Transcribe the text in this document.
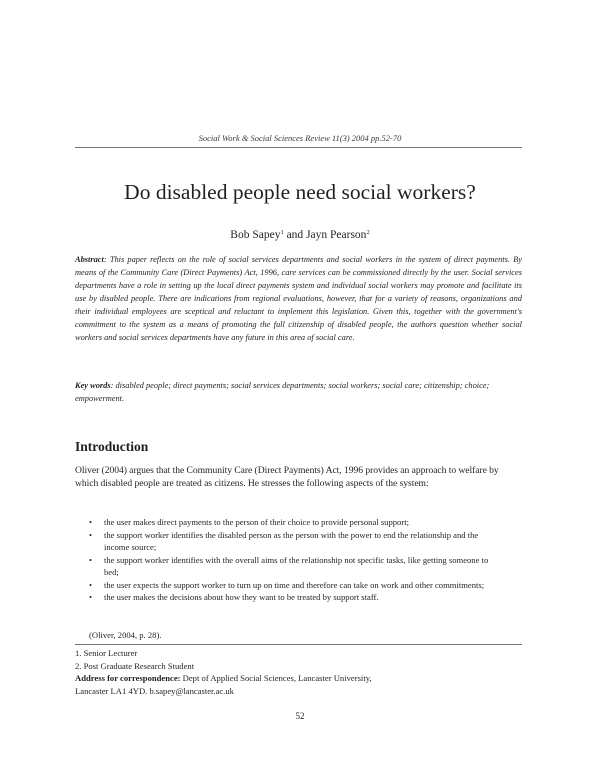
Social Work & Social Sciences Review 11(3) 2004 pp.52-70
Do disabled people need social workers?
Bob Sapey$^1$ and Jayn Pearson$^2$

Abstract: This paper reflects on the role of social services departments and social workers in the system of direct payments. By means of the Community Care (Direct Payments) Act, 1996, care services can be commissioned directly by the user. Social services departments have a role in setting up the local direct payments system and individual social workers may promote and facilitate its use by disabled people. There are indications from regional evaluations, however, that for a variety of reasons, organizations and their individual employees are sceptical and reluctant to implement this legislation. Given this, together with the government's commitment to the system as a means of promoting the full citizenship of disabled people, the authors question whether social workers and social services departments have any future in this area of social care.

Key words: disabled people; direct payments; social services departments; social workers; social care; citizenship; choice; empowerment.

Introduction

Oliver (2004) argues that the Community Care (Direct Payments) Act, 1996 provides an approach to welfare by which disabled people are treated as citizens. He stresses the following aspects of the system:

• the user makes direct payments to the person of their choice to provide personal support;
• the support worker identifies the disabled person as the person with the power to end the relationship and the income source;
• the support worker identifies with the overall aims of the relationship not specific tasks, like getting someone to bed;
• the user expects the support worker to turn up on time and therefore can take on work and other commitments;
• the user makes the decisions about how they want to be treated by support staff.
(Oliver, 2004, p. 28).
1. Senior Lecturer
2. Post Graduate Research Student
Address for correspondence: Dept of Applied Social Sciences, Lancaster University,
Lancaster LA1 4YD. b.sapey@lancaster.ac.uk
52
